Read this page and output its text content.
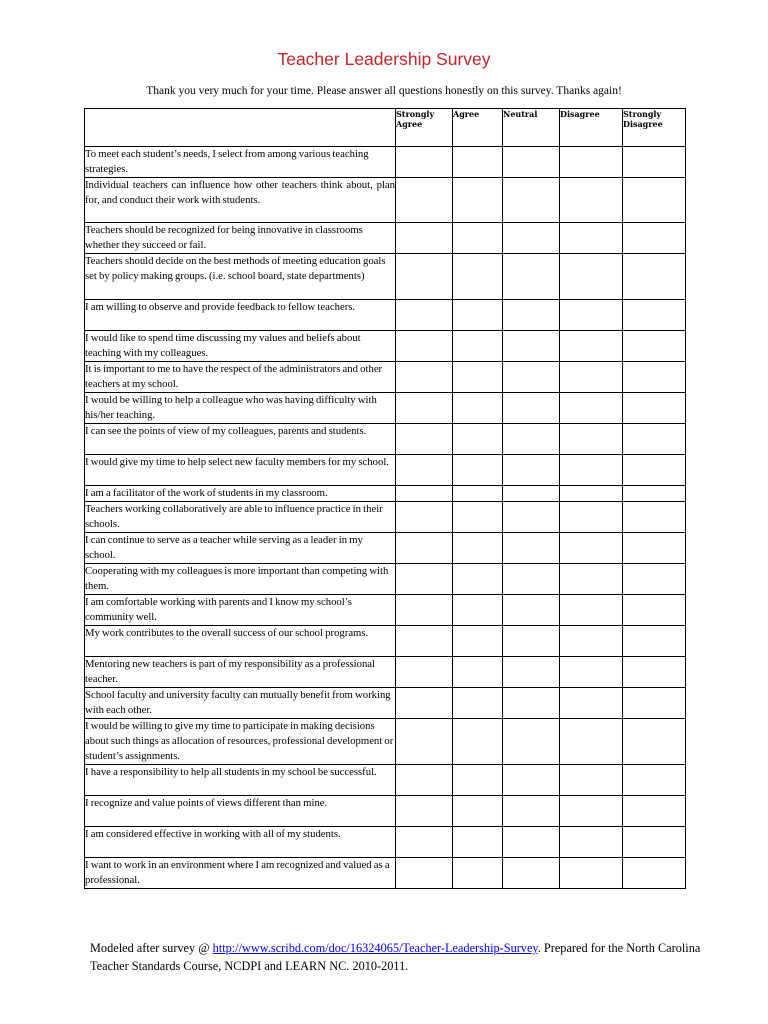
Teacher Leadership Survey
Thank you very much for your time. Please answer all questions honestly on this survey. Thanks again!
	Strongly Agree	Agree	Neutral	Disagree	Strongly Disagree
To meet each student’s needs, I select from among various teaching strategies.					
Individual teachers can influence how other teachers think about, plan for, and conduct their work with students.					
Teachers should be recognized for being innovative in classrooms whether they succeed or fail.					
Teachers should decide on the best methods of meeting education goals set by policy making groups. (i.e. school board, state departments)					
I am willing to observe and provide feedback to fellow teachers.					
I would like to spend time discussing my values and beliefs about teaching with my colleagues.					
It is important to me to have the respect of the administrators and other teachers at my school.					
I would be willing to help a colleague who was having difficulty with his/her teaching.					
I can see the points of view of my colleagues, parents and students.					
I would give my time to help select new faculty members for my school.					
I am a facilitator of the work of students in my classroom.					
Teachers working collaboratively are able to influence practice in their schools.					
I can continue to serve as a teacher while serving as a leader in my school.					
Cooperating with my colleagues is more important than competing with them.					
I am comfortable working with parents and I know my school’s community well.					
My work contributes to the overall success of our school programs.					
Mentoring new teachers is part of my responsibility as a professional teacher.					
School faculty and university faculty can mutually benefit from working with each other.					
I would be willing to give my time to participate in making decisions about such things as allocation of resources, professional development or student’s assignments.					
I have a responsibility to help all students in my school be successful.					
I recognize and value points of views different than mine.					
I am considered effective in working with all of my students.					
I want to work in an environment where I am recognized and valued as a professional.					
Modeled after survey @ http://www.scribd.com/doc/16324065/Teacher-Leadership-Survey. Prepared for the North Carolina Teacher Standards Course, NCDPI and LEARN NC. 2010-2011.
